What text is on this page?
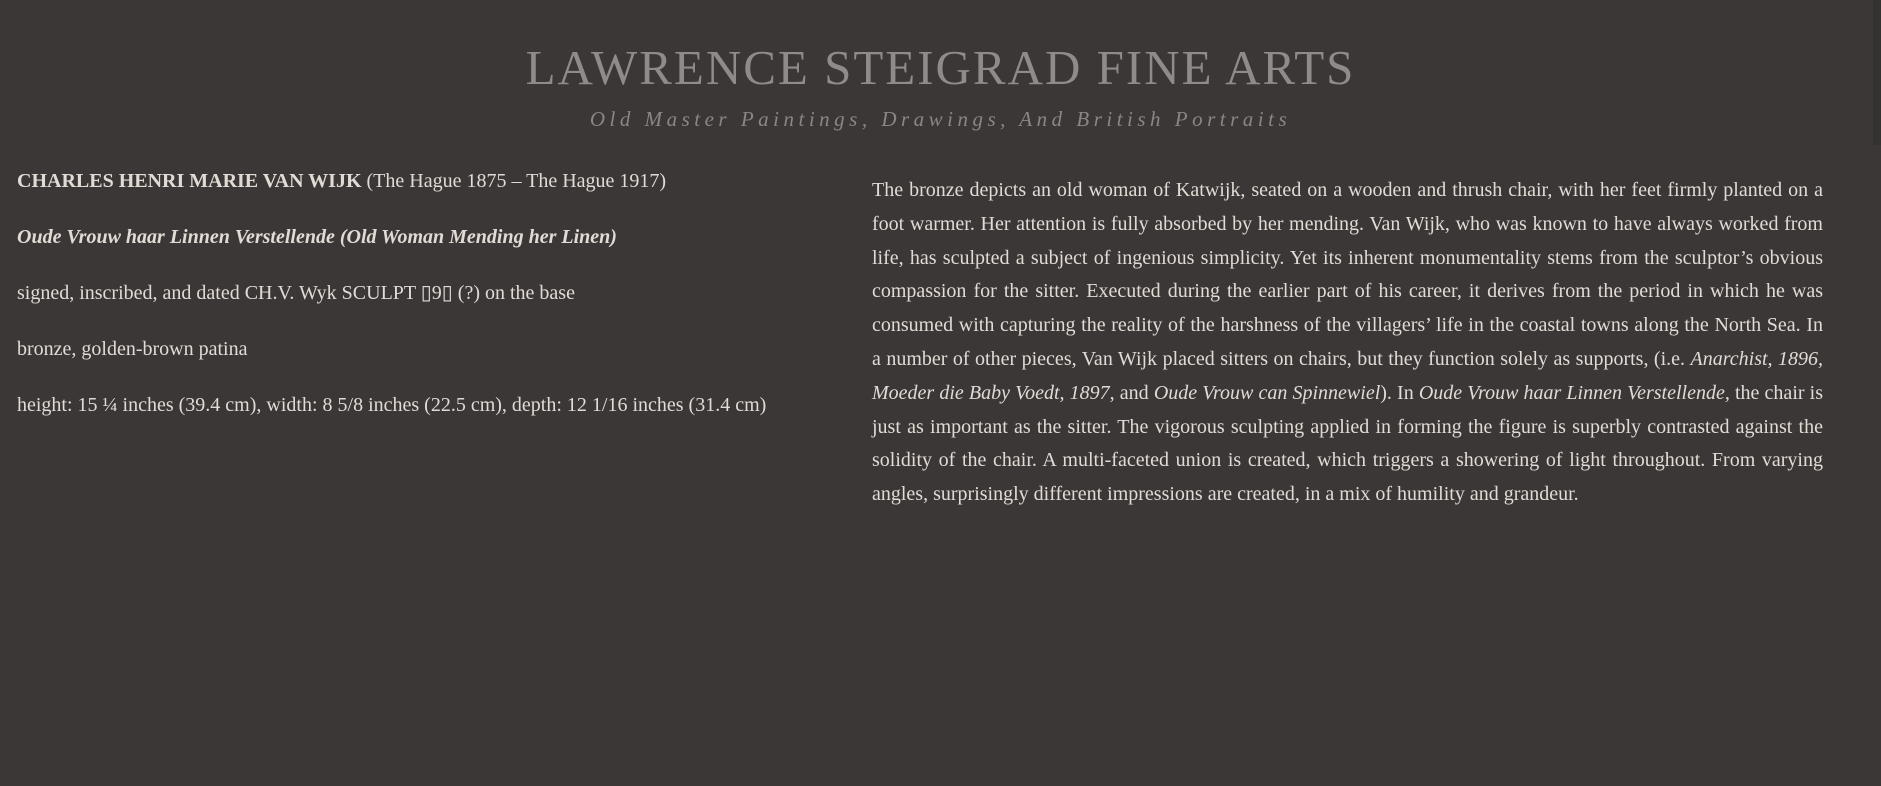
LAWRENCE STEIGRAD FINE ARTS
Old Master Paintings, Drawings, And British Portraits

CHARLES HENRI MARIE VAN WIJK (The Hague 1875 – The Hague 1917)

Oude Vrouw haar Linnen Verstellende (Old Woman Mending her Linen)

signed, inscribed, and dated CH.V. Wyk SCULPT ▯9▯ (?) on the base

bronze, golden-brown patina

height: 15 ¼ inches (39.4 cm), width: 8 5/8 inches (22.5 cm), depth: 12 1/16 inches (31.4 cm)

The bronze depicts an old woman of Katwijk, seated on a wooden and thrush chair, with her feet firmly planted on a foot warmer. Her attention is fully absorbed by her mending. Van Wijk, who was known to have always worked from life, has sculpted a subject of ingenious simplicity. Yet its inherent monumentality stems from the sculptor’s obvious compassion for the sitter. Executed during the earlier part of his career, it derives from the period in which he was consumed with capturing the reality of the harshness of the villagers’ life in the coastal towns along the North Sea. In a number of other pieces, Van Wijk placed sitters on chairs, but they function solely as supports, (i.e. Anarchist, 1896, Moeder die Baby Voedt, 1897, and Oude Vrouw can Spinnewiel). In Oude Vrouw haar Linnen Verstellende, the chair is just as important as the sitter. The vigorous sculpting applied in forming the figure is superbly contrasted against the solidity of the chair. A multi-faceted union is created, which triggers a showering of light throughout. From varying angles, surprisingly different impressions are created, in a mix of humility and grandeur.
